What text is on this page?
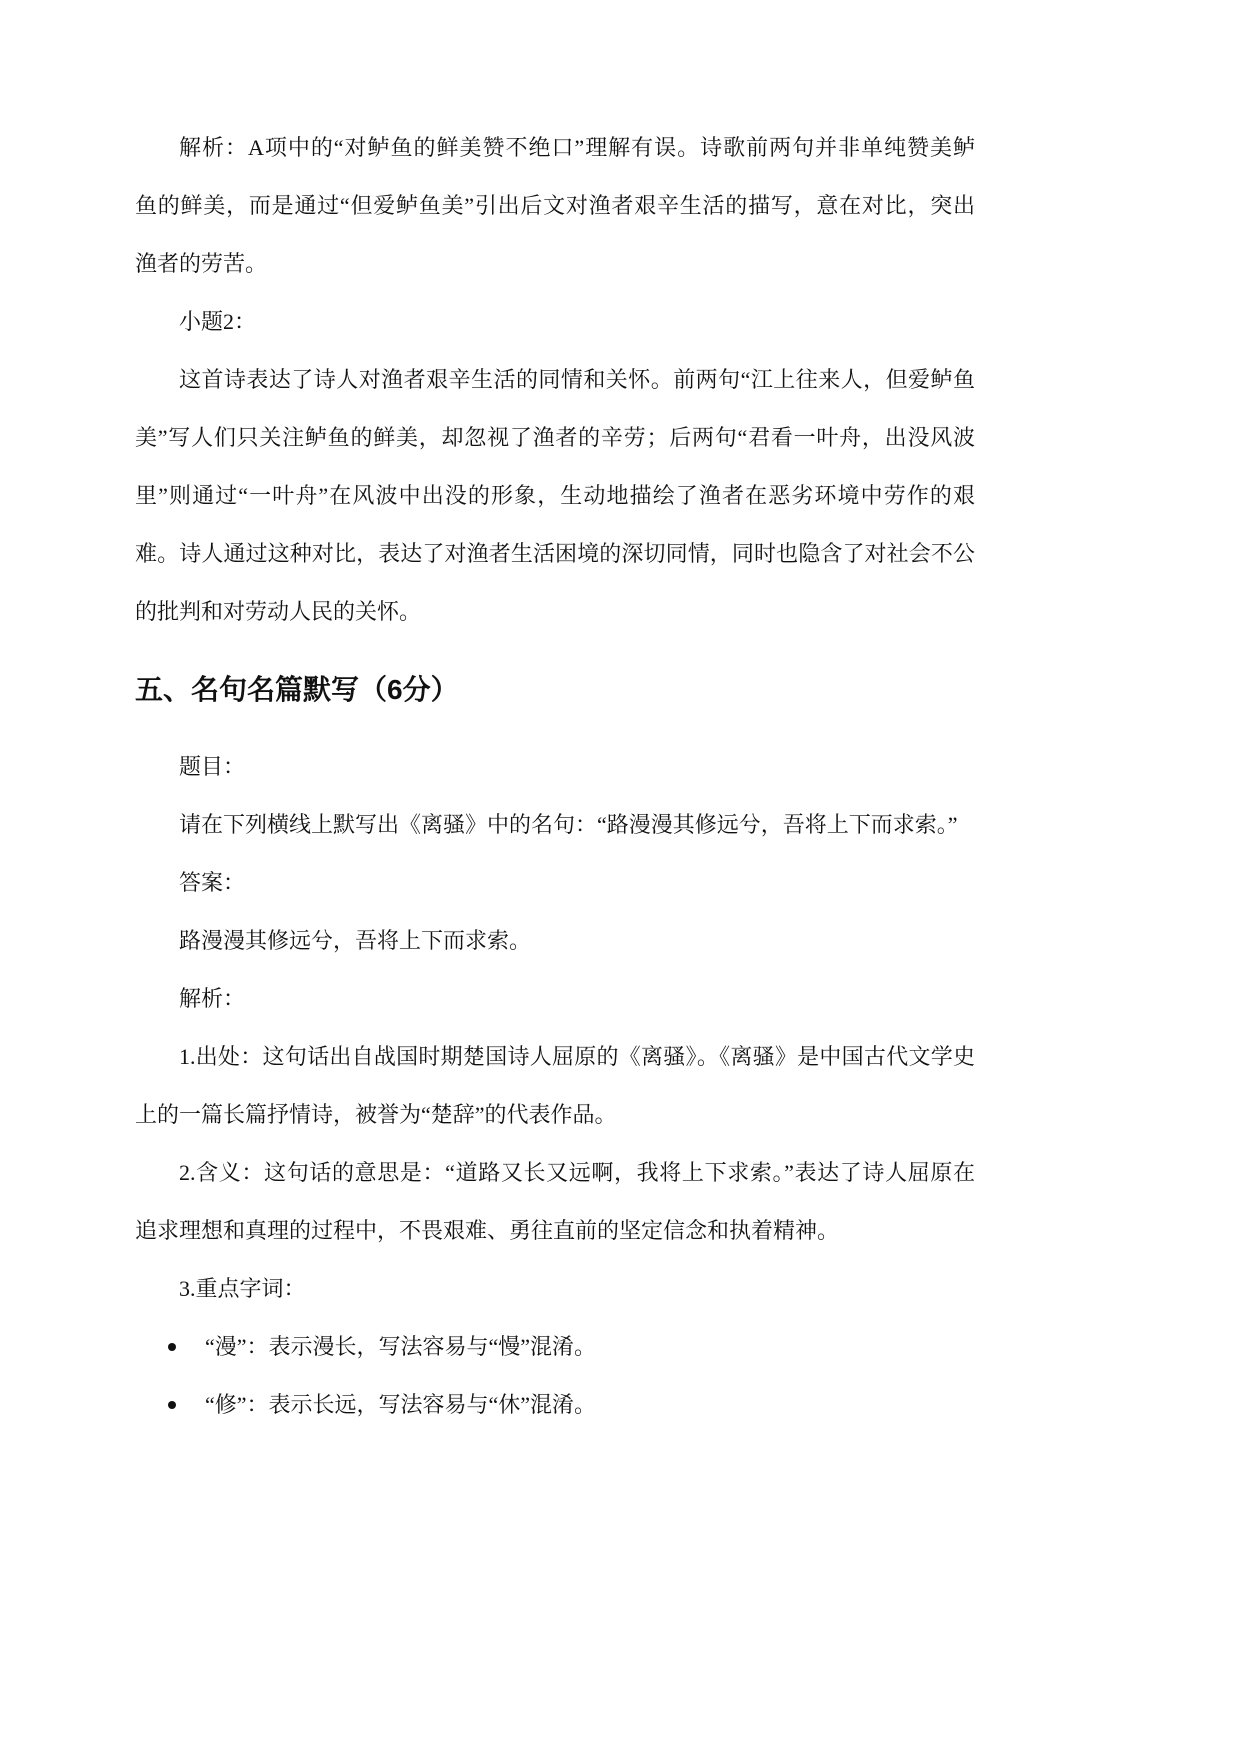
解析：A项中的“对鲈鱼的鲜美赞不绝口”理解有误。诗歌前两句并非单纯赞美鲈
鱼的鲜美，而是通过“但爱鲈鱼美”引出后文对渔者艰辛生活的描写，意在对比，突出
渔者的劳苦。
小题2：
这首诗表达了诗人对渔者艰辛生活的同情和关怀。前两句“江上往来人，但爱鲈鱼
美”写人们只关注鲈鱼的鲜美，却忽视了渔者的辛劳；后两句“君看一叶舟，出没风波
里”则通过“一叶舟”在风波中出没的形象，生动地描绘了渔者在恶劣环境中劳作的艰
难。诗人通过这种对比，表达了对渔者生活困境的深切同情，同时也隐含了对社会不公
的批判和对劳动人民的关怀。
五、名句名篇默写（6分）
题目：
请在下列横线上默写出《离骚》中的名句：“路漫漫其修远兮，吾将上下而求索。”
答案：
路漫漫其修远兮，吾将上下而求索。
解析：
1.出处：这句话出自战国时期楚国诗人屈原的《离骚》。《离骚》是中国古代文学史
上的一篇长篇抒情诗，被誉为“楚辞”的代表作品。
2.含义：这句话的意思是：“道路又长又远啊，我将上下求索。”表达了诗人屈原在
追求理想和真理的过程中，不畏艰难、勇往直前的坚定信念和执着精神。
3.重点字词：
“漫”：表示漫长，写法容易与“慢”混淆。
“修”：表示长远，写法容易与“休”混淆。
